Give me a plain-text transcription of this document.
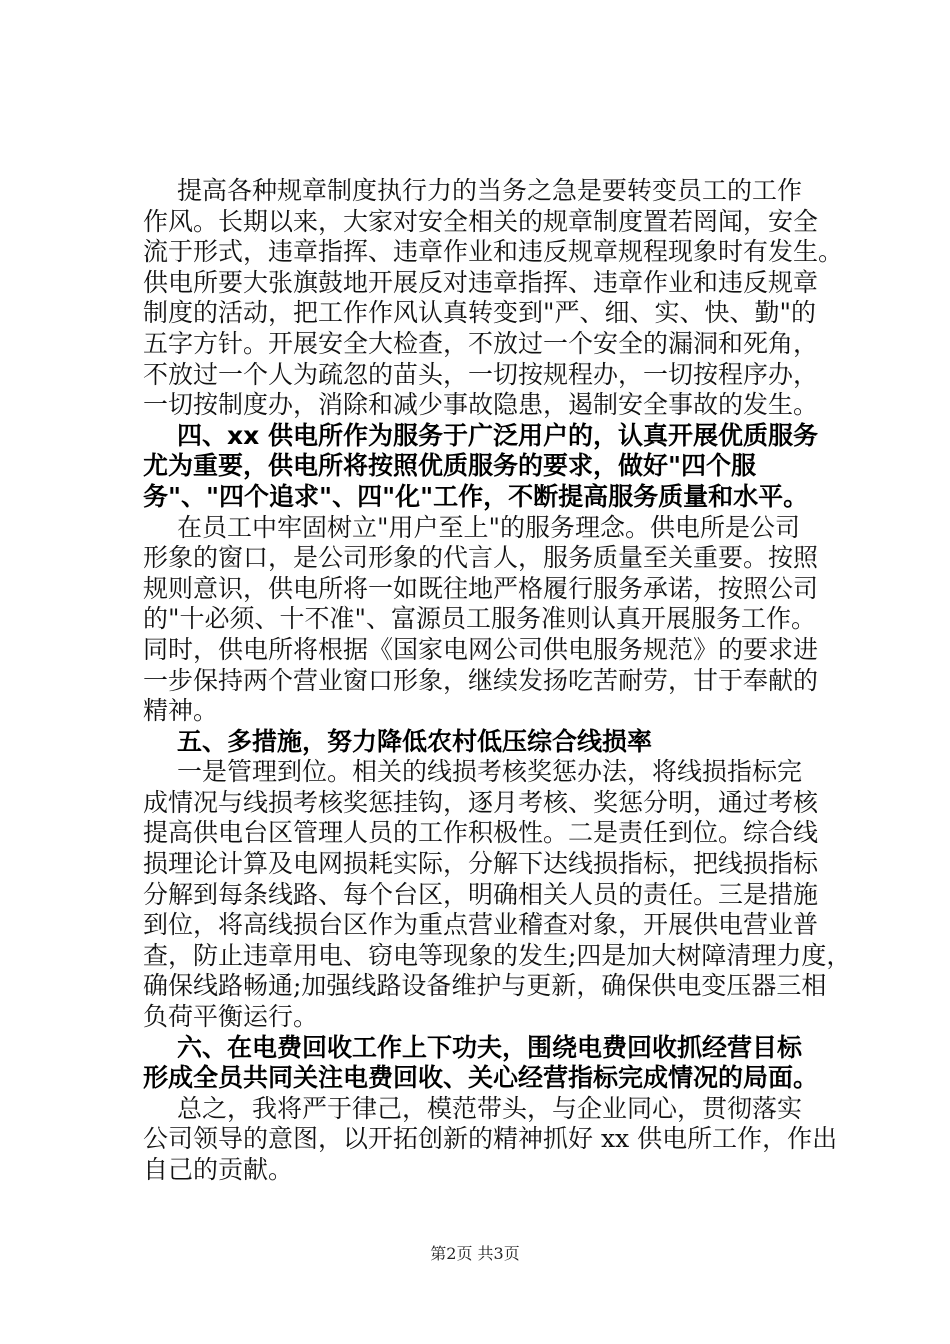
提高各种规章制度执行力的当务之急是要转变员工的工作
作风。长期以来，大家对安全相关的规章制度置若罔闻，安全
流于形式，违章指挥、违章作业和违反规章规程现象时有发生。
供电所要大张旗鼓地开展反对违章指挥、违章作业和违反规章
制度的活动，把工作作风认真转变到"严、细、实、快、勤"的
五字方针。开展安全大检查，不放过一个安全的漏洞和死角，
不放过一个人为疏忽的苗头，一切按规程办，一切按程序办，
一切按制度办，消除和减少事故隐患，遏制安全事故的发生。
四、xx 供电所作为服务于广泛用户的，认真开展优质服务
尤为重要，供电所将按照优质服务的要求，做好"四个服
务"、"四个追求"、四"化"工作，不断提高服务质量和水平。
在员工中牢固树立"用户至上"的服务理念。供电所是公司
形象的窗口，是公司形象的代言人，服务质量至关重要。按照
规则意识，供电所将一如既往地严格履行服务承诺，按照公司
的"十必须、十不准"、富源员工服务准则认真开展服务工作。
同时，供电所将根据《国家电网公司供电服务规范》的要求进
一步保持两个营业窗口形象，继续发扬吃苦耐劳，甘于奉献的
精神。
五、多措施，努力降低农村低压综合线损率
一是管理到位。相关的线损考核奖惩办法，将线损指标完
成情况与线损考核奖惩挂钩，逐月考核、奖惩分明，通过考核
提高供电台区管理人员的工作积极性。二是责任到位。综合线
损理论计算及电网损耗实际，分解下达线损指标，把线损指标
分解到每条线路、每个台区，明确相关人员的责任。三是措施
到位，将高线损台区作为重点营业稽查对象，开展供电营业普
查，防止违章用电、窃电等现象的发生;四是加大树障清理力度，
确保线路畅通;加强线路设备维护与更新，确保供电变压器三相
负荷平衡运行。
六、在电费回收工作上下功夫，围绕电费回收抓经营目标
形成全员共同关注电费回收、关心经营指标完成情况的局面。
总之，我将严于律己，模范带头，与企业同心，贯彻落实
公司领导的意图，以开拓创新的精神抓好 xx 供电所工作，作出
自己的贡献。
第2页 共3页
